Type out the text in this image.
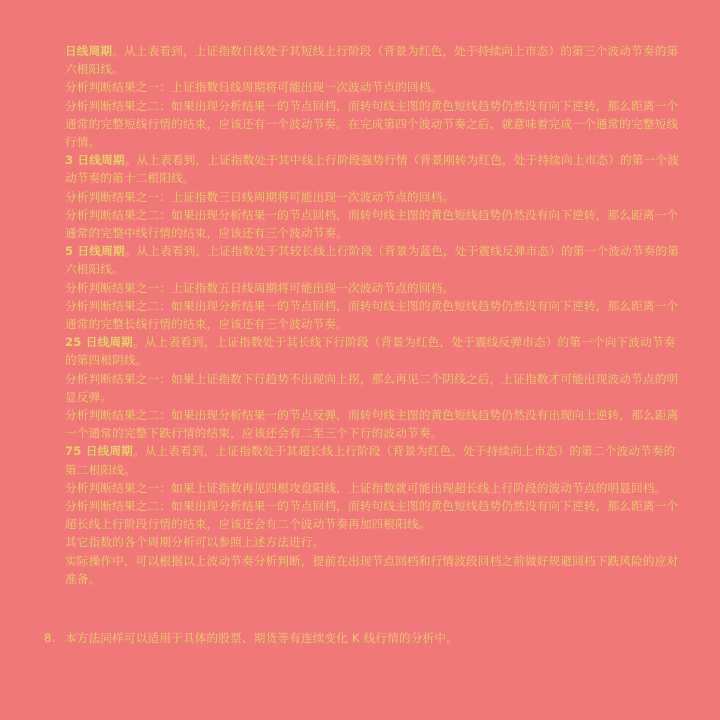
日线周期。从上表看到，上证指数日线处于其短线上行阶段（背景为红色，处于持续向上市态）的第三个波动节奏的第六根阳线。

分析判断结果之一：上证指数日线周期将可能出现一次波动节点的回档。

分析判断结果之二：如果出现分析结果一的节点回档，而转句线主图的黄色短线趋势仍然没有向下逆转，那么距离一个通常的完整短线行情的结束，应该还有一个波动节奏。在完成第四个波动节奏之后，就意味着完成一个通常的完整短线行情。

3 日线周期。从上表看到，上证指数处于其中线上行阶段强势行情（背景刚转为红色，处于持续向上市态）的第一个波动节奏的第十二根阳线。

分析判断结果之一：上证指数三日线周期将可能出现一次波动节点的回档。

分析判断结果之二：如果出现分析结果一的节点回档，而转句线主图的黄色短线趋势仍然没有向下逆转，那么距离一个通常的完整中线行情的结束，应该还有三个波动节奏。

5 日线周期。从上表看到，上证指数处于其较长线上行阶段（背景为蓝色，处于震线反弹市态）的第一个波动节奏的第六根阳线。

分析判断结果之一：上证指数五日线周期将可能出现一次波动节点的回档。

分析判断结果之二：如果出现分析结果一的节点回档，而转句线主图的黄色短线趋势仍然没有向下逆转，那么距离一个通常的完整长线行情的结束，应该还有三个波动节奏。

25 日线周期。从上表看到，上证指数处于其长线下行阶段（背景为红色，处于震线反弹市态）的第一个向下波动节奏的第四根阴线。

分析判断结果之一：如果上证指数下行趋势不出现向上拐，那么再见二个阴线之后，上证指数才可能出现波动节点的明显反弹。

分析判断结果之二：如果出现分析结果一的节点反弹，而转句线主图的黄色短线趋势仍然没有出现向上逆转，那么距离一个通常的完整下跌行情的结束，应该还会有二至三个下行的波动节奏。

75 日线周期。从上表看到，上证指数处于其超长线上行阶段（背景为红色，处于持续向上市态）的第二个波动节奏的第二根阳线。

分析判断结果之一：如果上证指数再见四根攻盘阳线，上证指数就可能出现超长线上行阶段的波动节点的明显回档。

分析判断结果之二：如果出现分析结果一的节点回档，而转句线主图的黄色短线趋势仍然没有向下逆转，那么距离一个超长线上行阶段行情的结束，应该还会有二个波动节奏再加四根阳线。

其它指数的各个周期分析可以参照上述方法进行。

实际操作中，可以根据以上波动节奏分析判断，提前在出现节点回档和行情波段回档之前做好规避回档下跌风险的应对准备。

8. 本方法同样可以适用于具体的股票、期货等有连续变化 K 线行情的分析中。
